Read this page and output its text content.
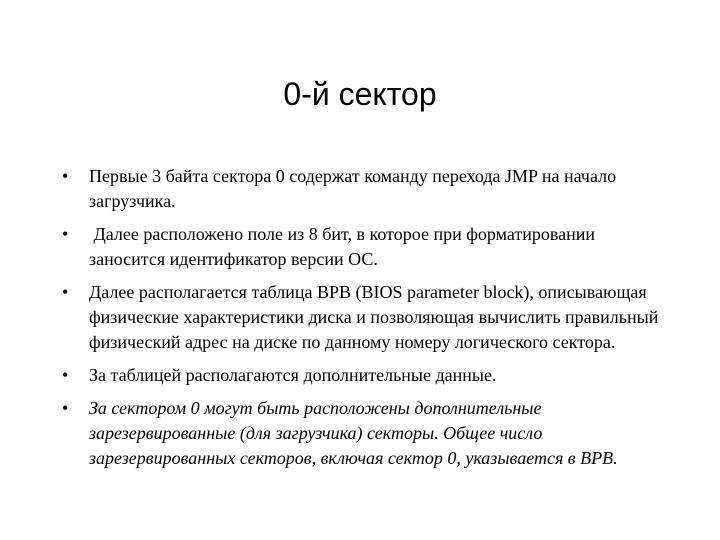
0-й сектор
• Первые 3 байта сектора 0 содержат команду перехода JMP на начало загрузчика.
• Далее расположено поле из 8 бит, в которое при форматировании заносится идентификатор версии ОС.
• Далее располагается таблица BPB (BIOS parameter block), описывающая физические характеристики диска и позволяющая вычислить правильный физический адрес на диске по данному номеру логического сектора.
• За таблицей располагаются дополнительные данные.
• За сектором 0 могут быть расположены дополнительные зарезервированные (для загрузчика) секторы. Общее число зарезервированных секторов, включая сектор 0, указывается в BPB.
